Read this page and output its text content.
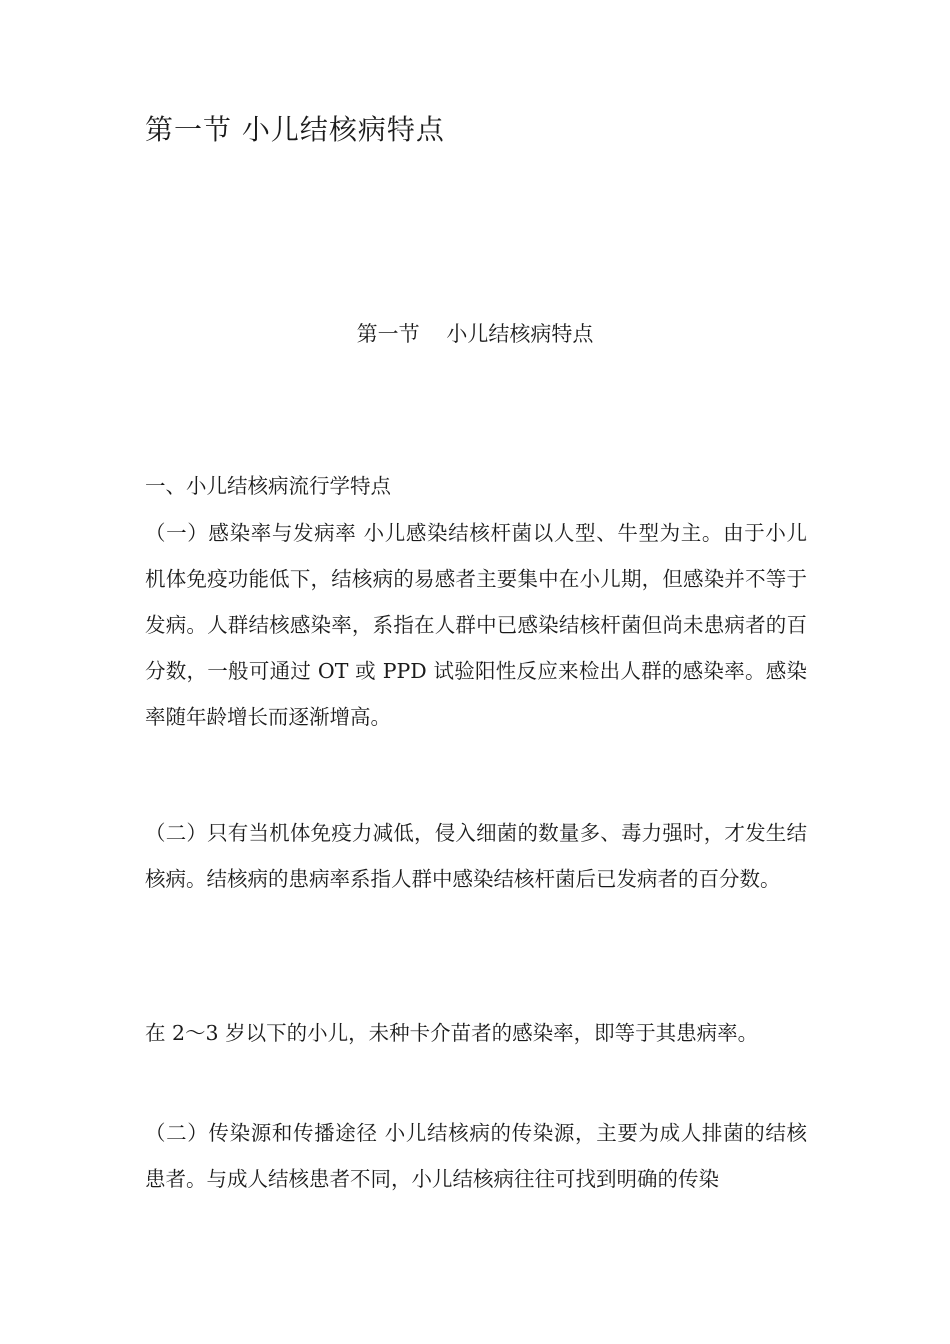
第一节 小儿结核病特点
第一节    小儿结核病特点

一、小儿结核病流行学特点

（一）感染率与发病率 小儿感染结核杆菌以人型、牛型为主。由于小儿机体免疫功能低下，结核病的易感者主要集中在小儿期，但感染并不等于发病。人群结核感染率，系指在人群中已感染结核杆菌但尚未患病者的百分数，一般可通过 OT 或 PPD 试验阳性反应来检出人群的感染率。感染率随年龄增长而逐渐增高。

（二）只有当机体免疫力减低，侵入细菌的数量多、毒力强时，才发生结核病。结核病的患病率系指人群中感染结核杆菌后已发病者的百分数。

在 2～3 岁以下的小儿，未种卡介苗者的感染率，即等于其患病率。

（二）传染源和传播途径 小儿结核病的传染源，主要为成人排菌的结核患者。与成人结核患者不同，小儿结核病往往可找到明确的传染
